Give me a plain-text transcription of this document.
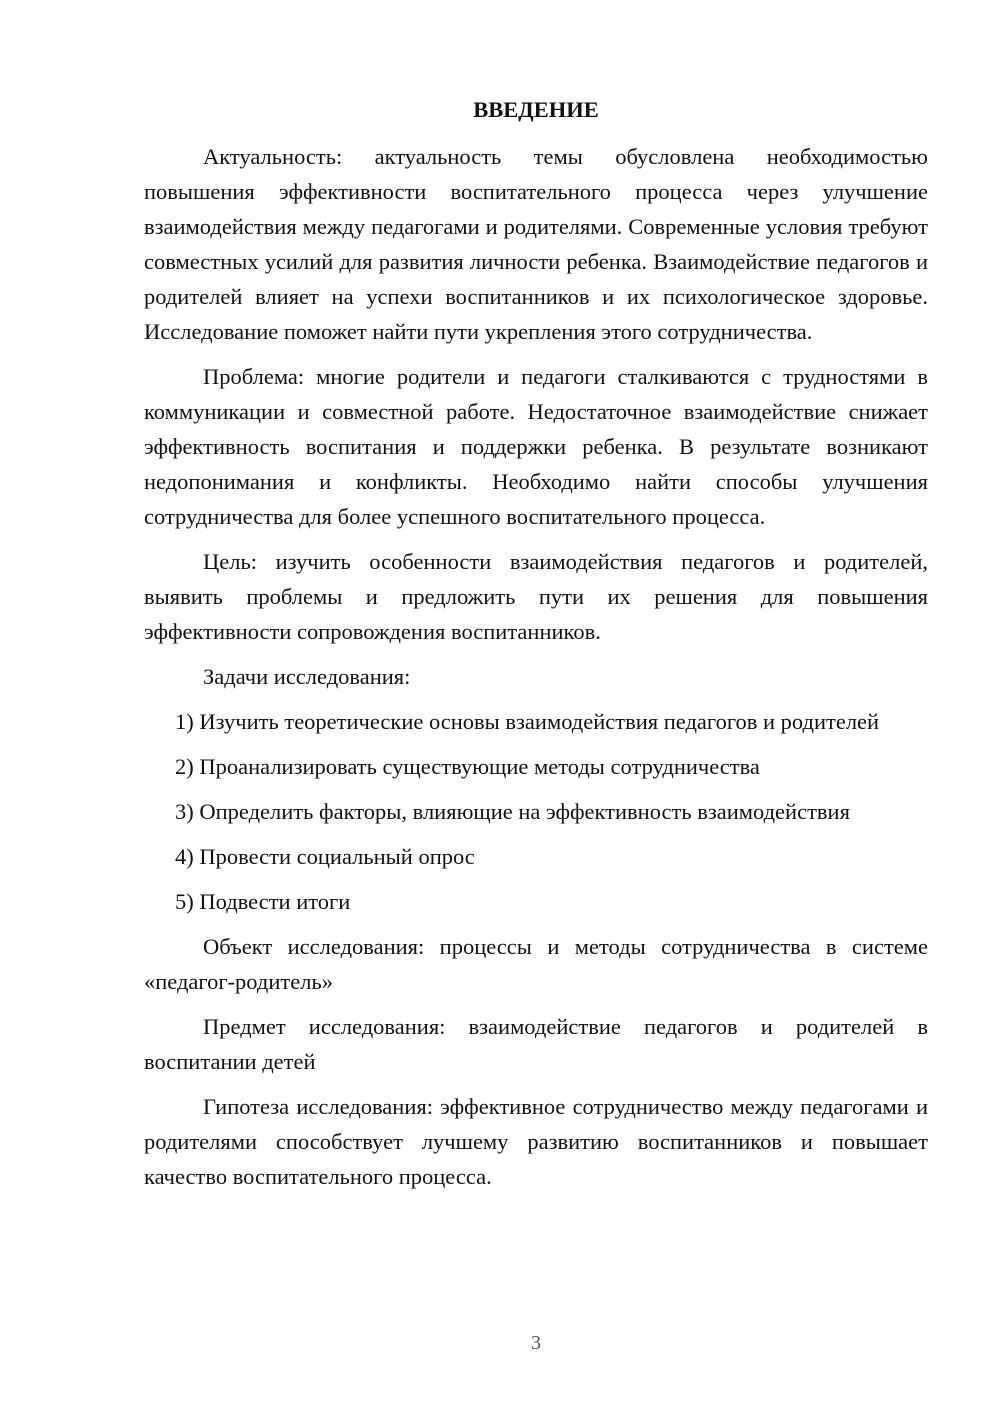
ВВЕДЕНИЕ

Актуальность: актуальность темы обусловлена необходимостью повышения эффективности воспитательного процесса через улучшение взаимодействия между педагогами и родителями. Современные условия требуют совместных усилий для развития личности ребенка. Взаимодействие педагогов и родителей влияет на успехи воспитанников и их психологическое здоровье. Исследование поможет найти пути укрепления этого сотрудничества.

Проблема: многие родители и педагоги сталкиваются с трудностями в коммуникации и совместной работе. Недостаточное взаимодействие снижает эффективность воспитания и поддержки ребенка. В результате возникают недопонимания и конфликты. Необходимо найти способы улучшения сотрудничества для более успешного воспитательного процесса.

Цель: изучить особенности взаимодействия педагогов и родителей, выявить проблемы и предложить пути их решения для повышения эффективности сопровождения воспитанников.

Задачи исследования:

1) Изучить теоретические основы взаимодействия педагогов и родителей

2) Проанализировать существующие методы сотрудничества

3) Определить факторы, влияющие на эффективность взаимодействия

4) Провести социальный опрос

5) Подвести итоги

Объект исследования: процессы и методы сотрудничества в системе «педагог-родитель»

Предмет исследования: взаимодействие педагогов и родителей в воспитании детей

Гипотеза исследования: эффективное сотрудничество между педагогами и родителями способствует лучшему развитию воспитанников и повышает качество воспитательного процесса.

3
